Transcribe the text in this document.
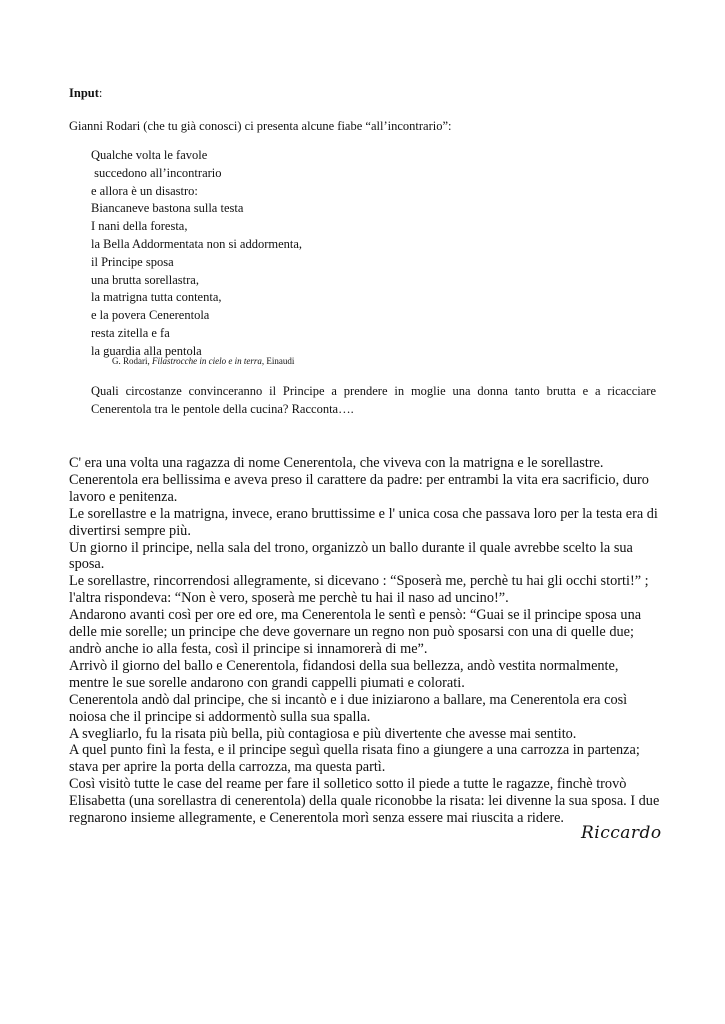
Input:
Gianni Rodari (che tu già conosci) ci presenta alcune fiabe “all’incontrario”:
Qualche volta le favole
succedono all’incontrario
e allora è un disastro:
Biancaneve bastona sulla testa
I nani della foresta,
la Bella Addormentata non si addormenta,
il Principe sposa
una brutta sorellastra,
la matrigna tutta contenta,
e la povera Cenerentola
resta zitella e fa
la guardia alla pentola
G. Rodari, Filastrocche in cielo e in terra, Einaudi
Quali circostanze convinceranno il Principe a prendere in moglie una donna tanto brutta e a ricacciare Cenerentola tra le pentole della cucina? Racconta….

C' era una volta una ragazza di nome Cenerentola, che viveva con la matrigna e le sorellastre.

Cenerentola era bellissima e aveva preso il carattere da padre: per entrambi la vita era sacrificio, duro lavoro e penitenza.

Le sorellastre e la matrigna, invece, erano bruttissime e l' unica cosa che passava loro per la testa era di divertirsi sempre più.

Un giorno il principe, nella sala del trono, organizzò un ballo durante il quale avrebbe scelto la sua sposa.

Le sorellastre, rincorrendosi allegramente, si dicevano : “Sposerà me, perchè tu hai gli occhi storti!” ; l'altra rispondeva: “Non è vero, sposerà me perchè tu hai il naso ad uncino!”.

Andarono avanti così per ore ed ore, ma Cenerentola le sentì e pensò: “Guai se il principe sposa una delle mie sorelle; un principe che deve governare un regno non può sposarsi con una di quelle due; andrò anche io alla festa, così il principe si innamorerà di me”.

Arrivò il giorno del ballo e Cenerentola, fidandosi della sua bellezza, andò vestita normalmente, mentre le sue sorelle andarono con grandi cappelli piumati e colorati.

Cenerentola andò dal principe, che si incantò e i due iniziarono a ballare, ma Cenerentola era così noiosa che il principe si addormentò sulla sua spalla.

A svegliarlo, fu la risata più bella, più contagiosa e più divertente che avesse mai sentito.

A quel punto finì la festa, e il principe seguì quella risata fino a giungere a una carrozza in partenza; stava per aprire la porta della carrozza, ma questa partì.

Così visitò tutte le case del reame per fare il solletico sotto il piede a tutte le ragazze, finchè trovò Elisabetta (una sorellastra di cenerentola) della quale riconobbe la risata: lei divenne la sua sposa. I due regnarono insieme allegramente, e Cenerentola morì senza essere mai riuscita a ridere.

Riccardo
